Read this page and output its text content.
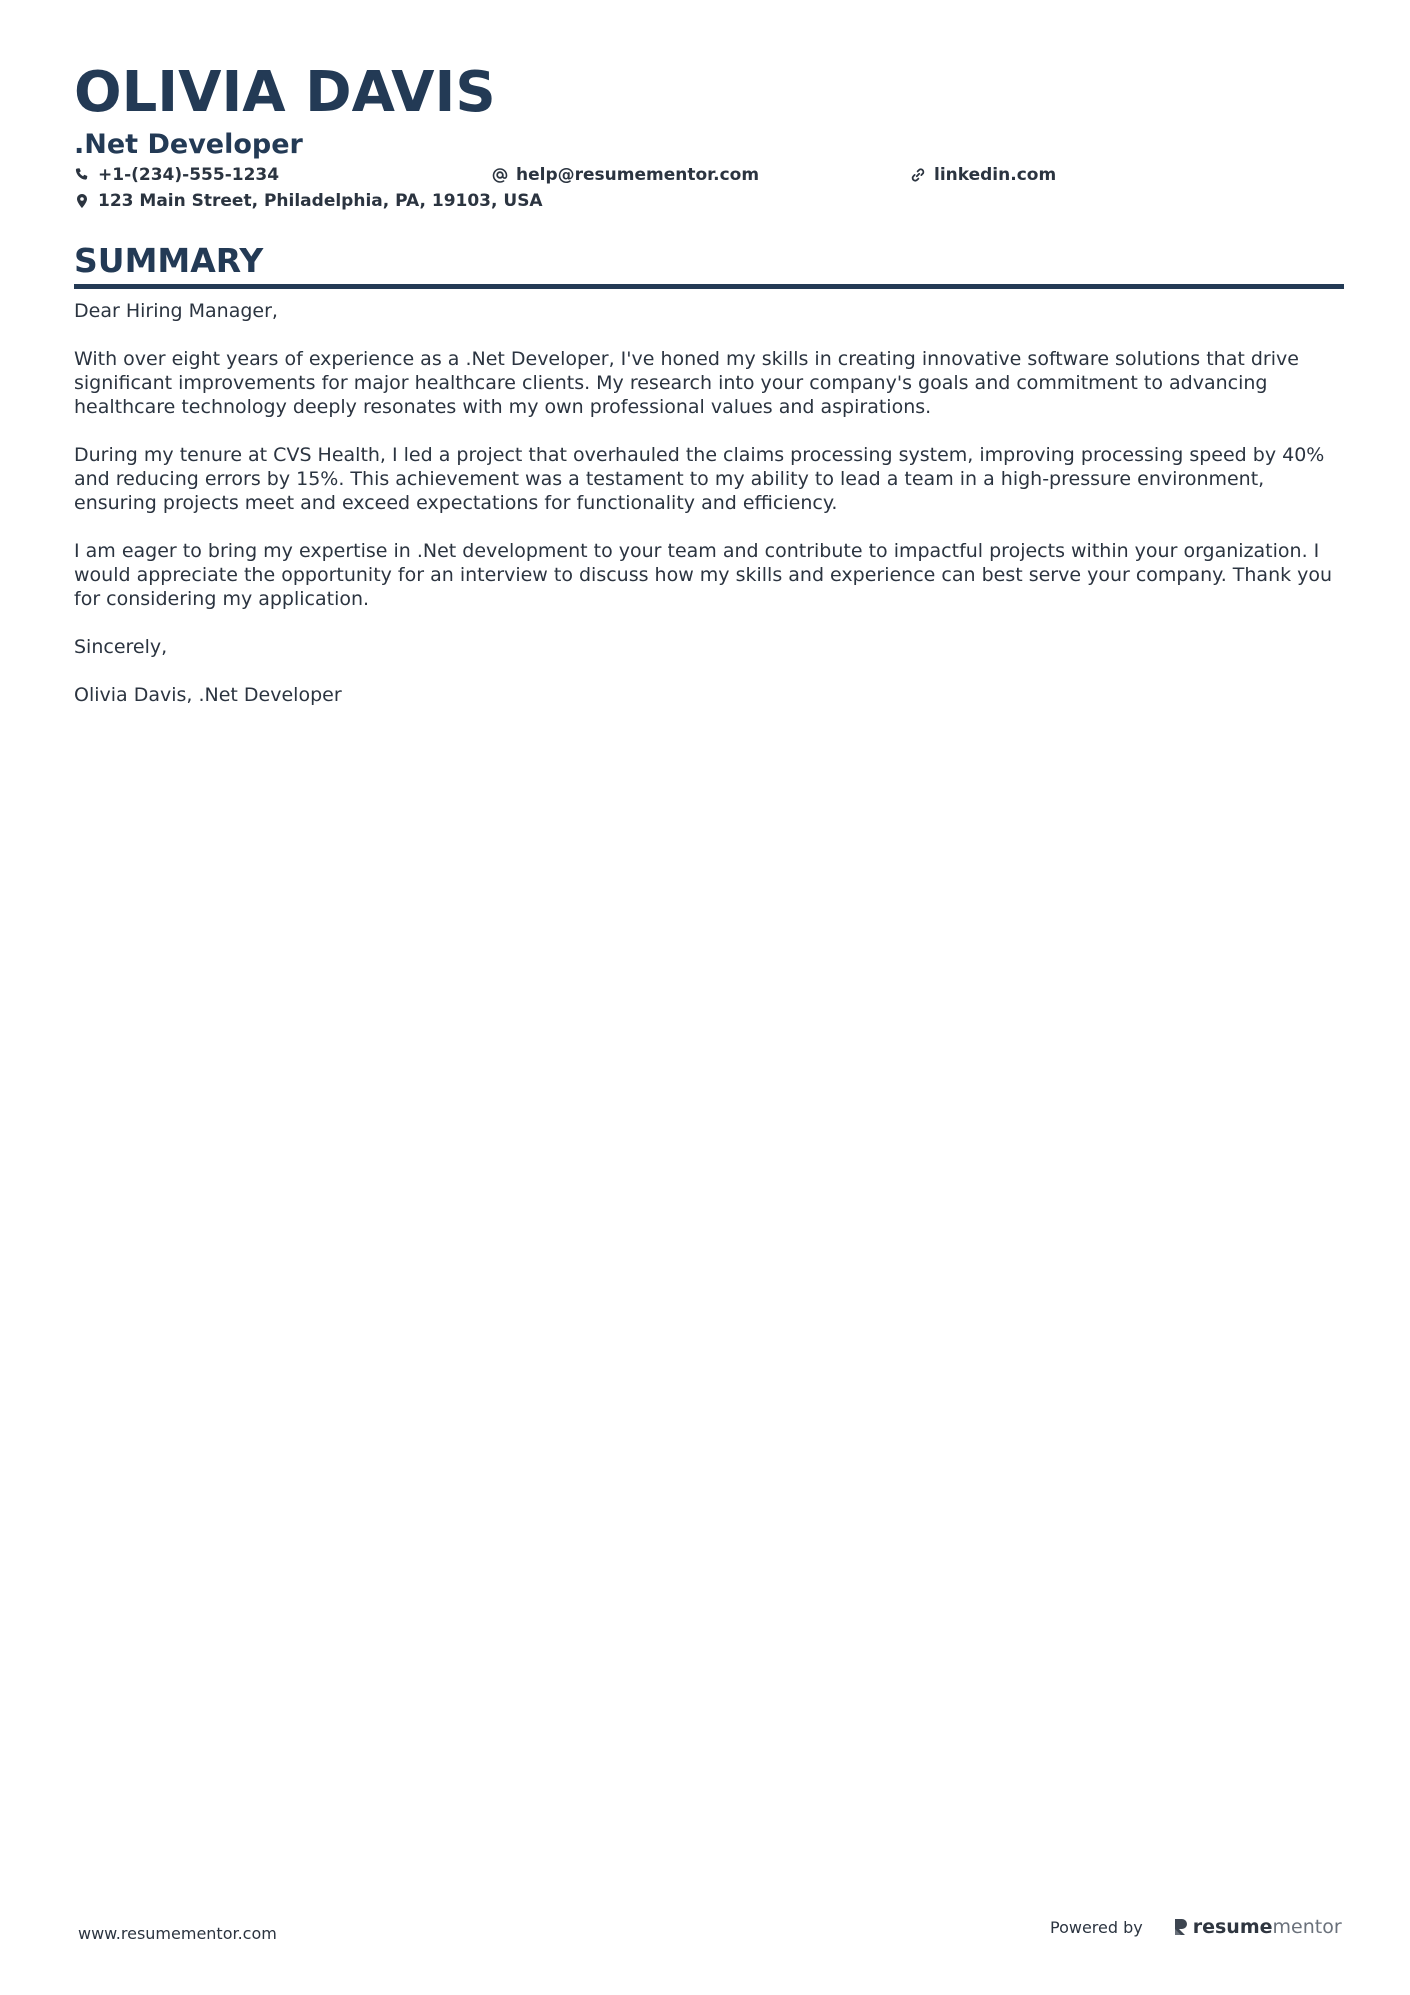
OLIVIA DAVIS
.Net Developer
+1-(234)-555-1234	help@resumementor.com	linkedin.com
123 Main Street, Philadelphia, PA, 19103, USA
SUMMARY

Dear Hiring Manager,

With over eight years of experience as a .Net Developer, I've honed my skills in creating innovative software solutions that drive significant improvements for major healthcare clients. My research into your company's goals and commitment to advancing healthcare technology deeply resonates with my own professional values and aspirations.

During my tenure at CVS Health, I led a project that overhauled the claims processing system, improving processing speed by 40% and reducing errors by 15%. This achievement was a testament to my ability to lead a team in a high-pressure environment, ensuring projects meet and exceed expectations for functionality and efficiency.

I am eager to bring my expertise in .Net development to your team and contribute to impactful projects within your organization. I would appreciate the opportunity for an interview to discuss how my skills and experience can best serve your company. Thank you for considering my application.

Sincerely,

Olivia Davis, .Net Developer

www.resumementor.com	Powered by	resume mentor
